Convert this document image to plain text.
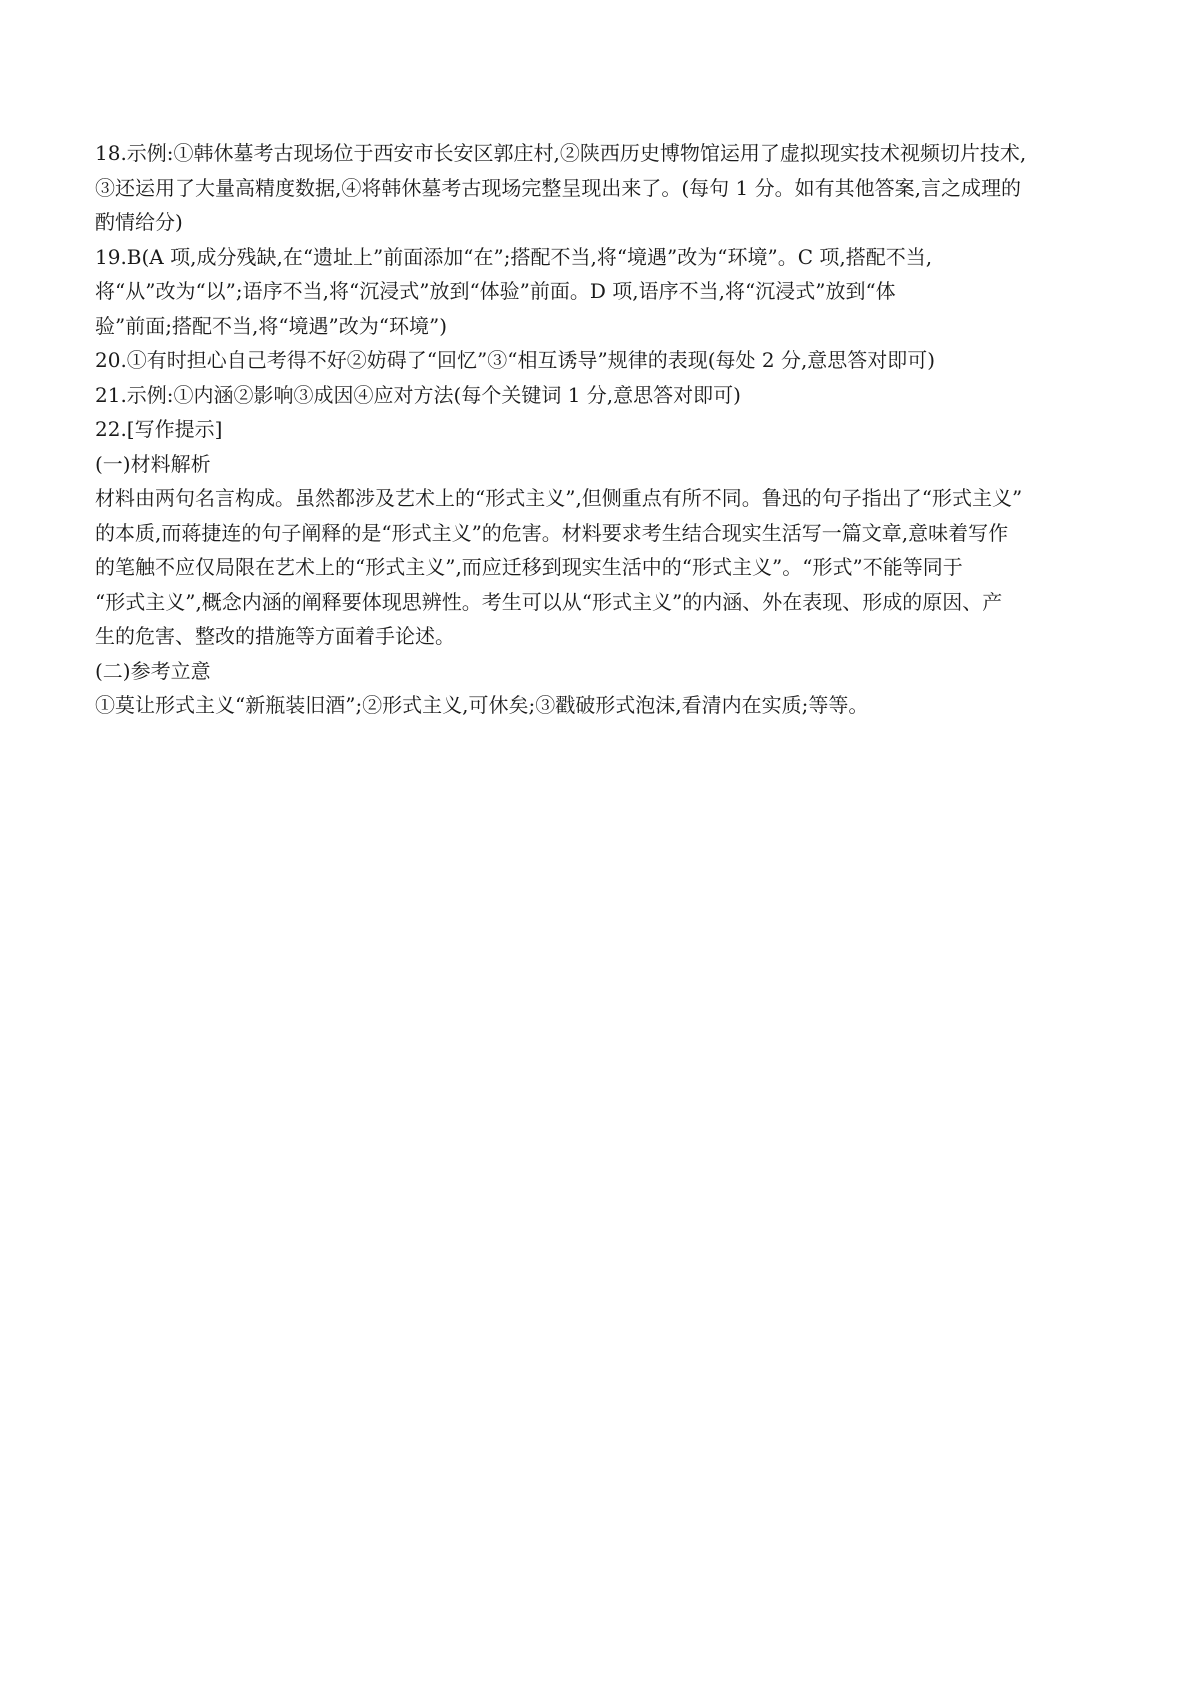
18.示例:①韩休墓考古现场位于西安市长安区郭庄村,②陕西历史博物馆运用了虚拟现实技术视频切片技术,
③还运用了大量高精度数据,④将韩休墓考古现场完整呈现出来了。(每句 1 分。如有其他答案,言之成理的
酌情给分)
19.B(A 项,成分残缺,在“遗址上”前面添加“在”;搭配不当,将“境遇”改为“环境”。C 项,搭配不当,
将“从”改为“以”;语序不当,将“沉浸式”放到“体验”前面。D 项,语序不当,将“沉浸式”放到“体
验”前面;搭配不当,将“境遇”改为“环境”)
20.①有时担心自己考得不好②妨碍了“回忆”③“相互诱导”规律的表现(每处 2 分,意思答对即可)
21.示例:①内涵②影响③成因④应对方法(每个关键词 1 分,意思答对即可)
22.[写作提示]
(一)材料解析
材料由两句名言构成。虽然都涉及艺术上的“形式主义”,但侧重点有所不同。鲁迅的句子指出了“形式主义”
的本质,而蒋捷连的句子阐释的是“形式主义”的危害。材料要求考生结合现实生活写一篇文章,意味着写作
的笔触不应仅局限在艺术上的“形式主义”,而应迁移到现实生活中的“形式主义”。“形式”不能等同于
“形式主义”,概念内涵的阐释要体现思辨性。考生可以从“形式主义”的内涵、外在表现、形成的原因、产
生的危害、整改的措施等方面着手论述。
(二)参考立意
①莫让形式主义“新瓶装旧酒”;②形式主义,可休矣;③戳破形式泡沫,看清内在实质;等等。
